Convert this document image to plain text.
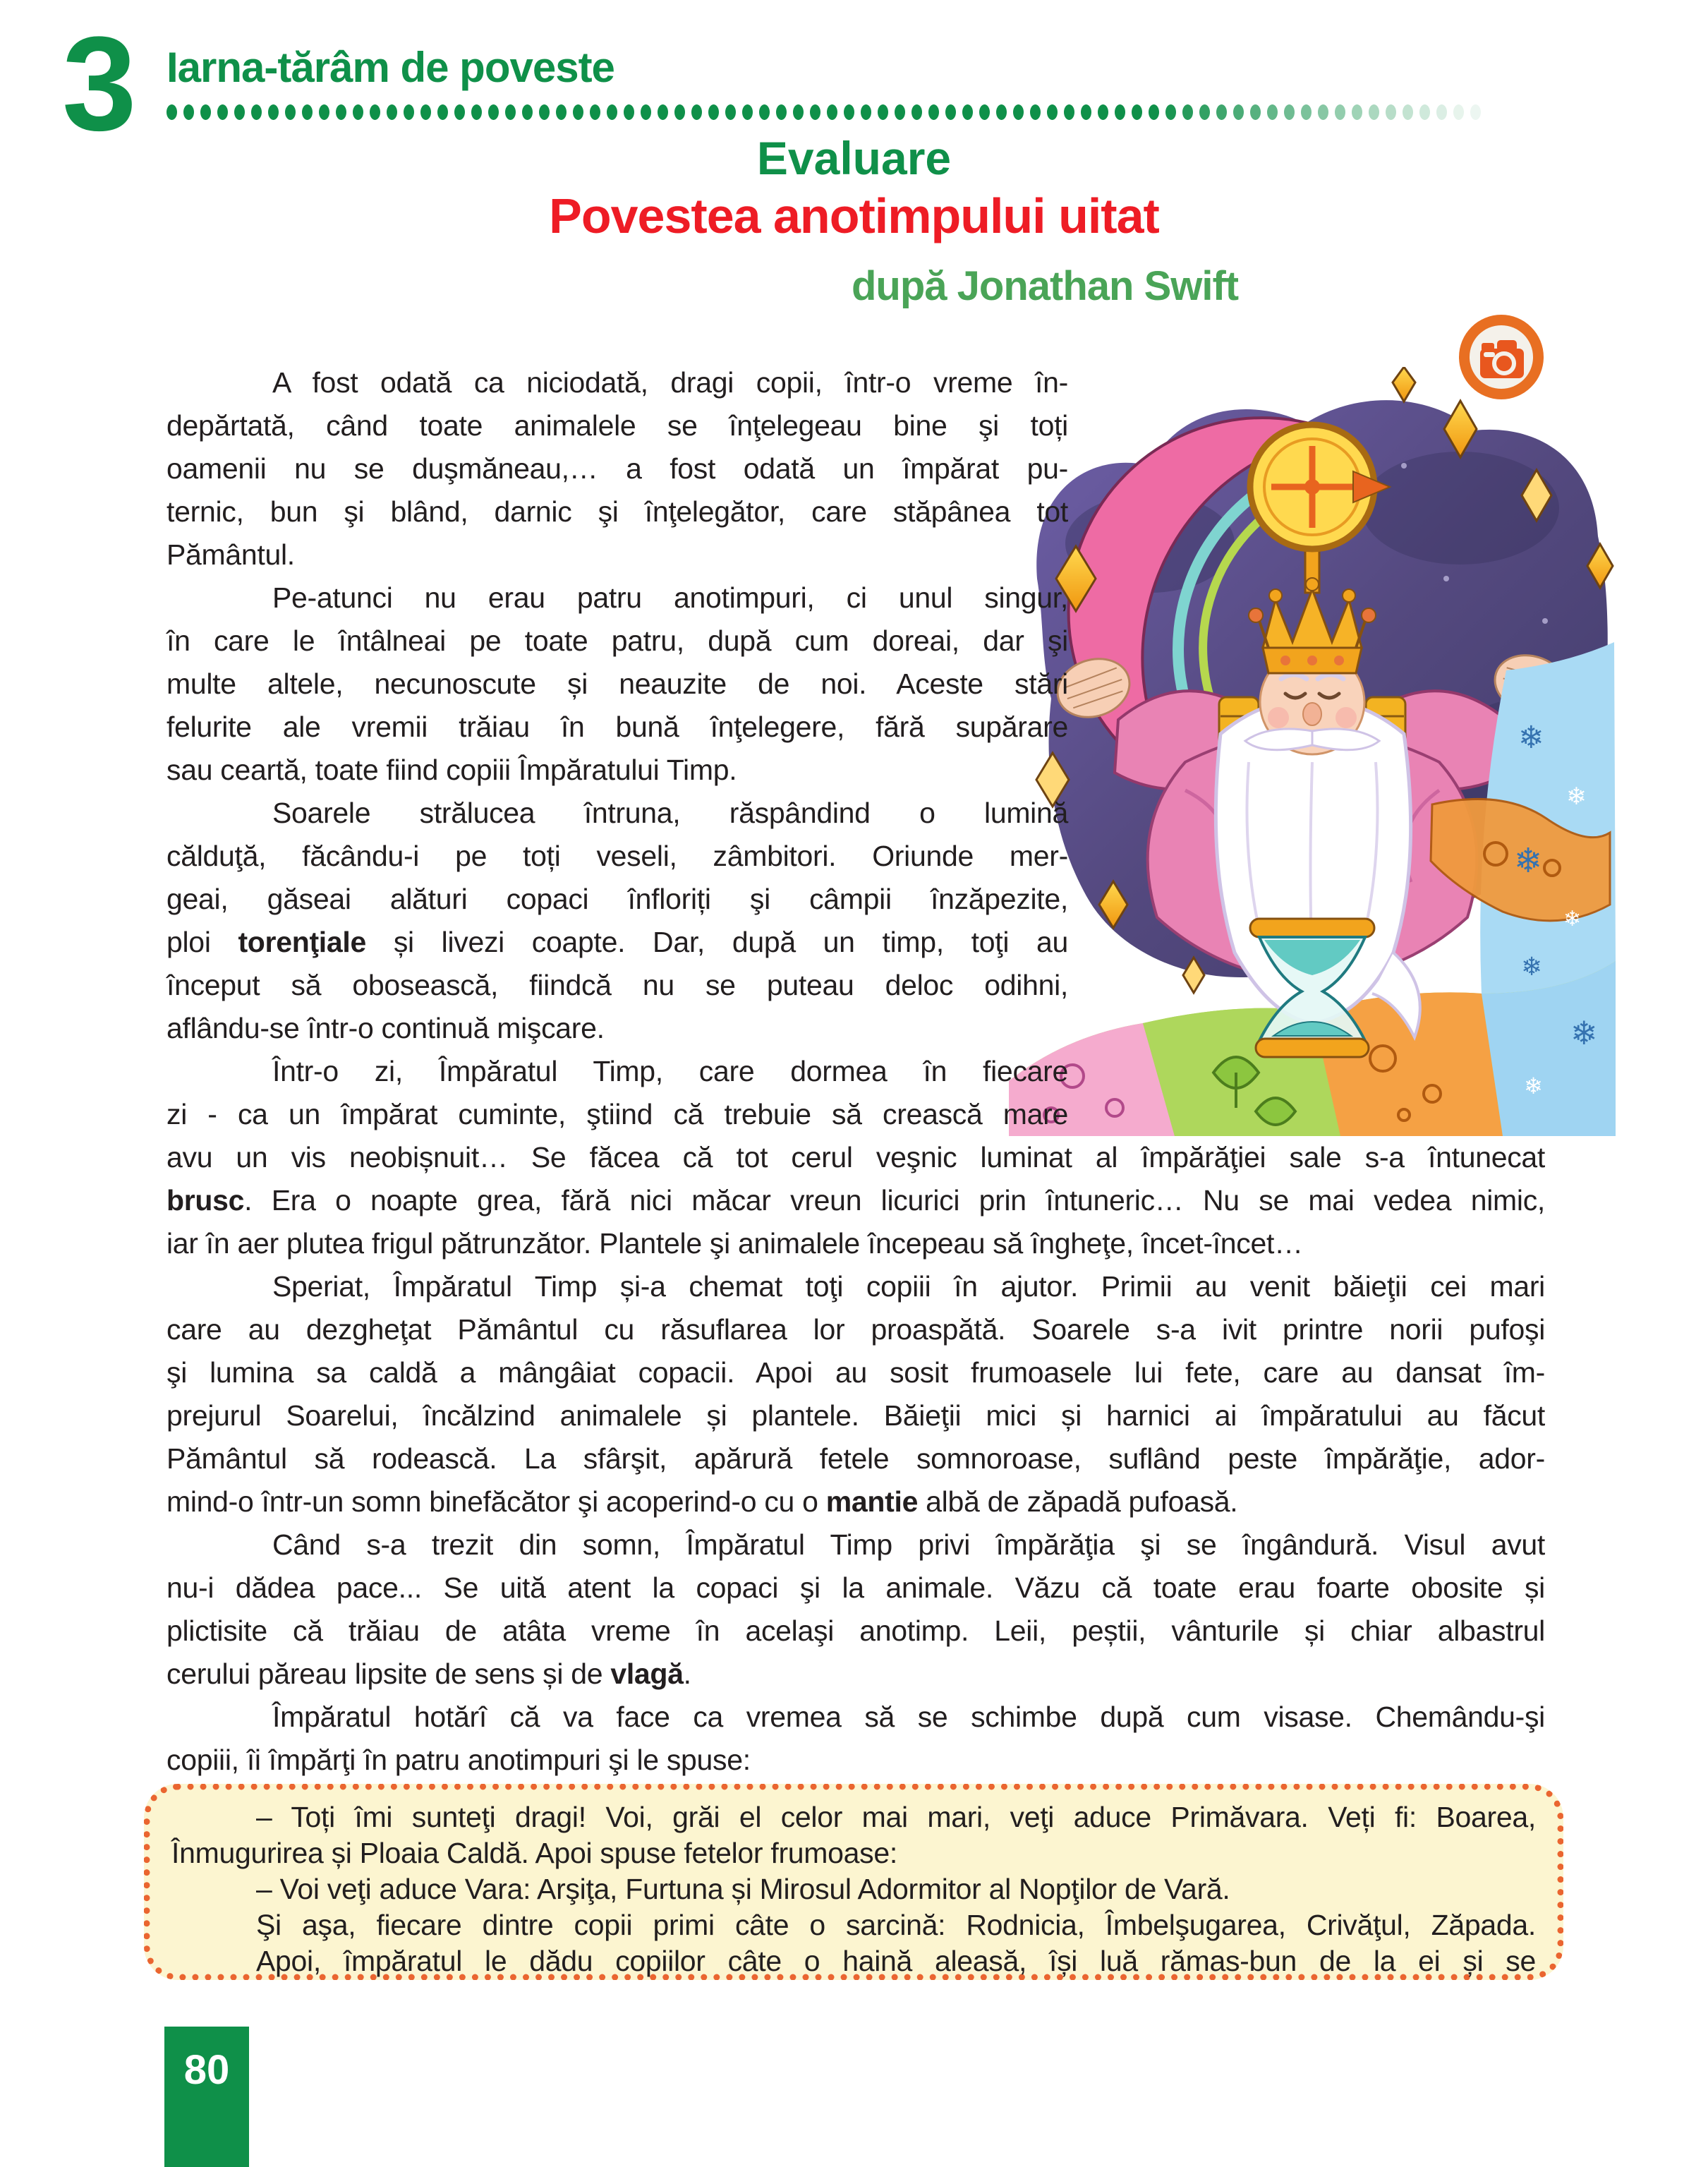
3 Iarna-tărâm de poveste
Evaluare
Povestea anotimpului uitat
după Jonathan Swift
❄
❄
❄
❄
❄
❄
❄
A fost odată ca niciodată, dragi copii, într-o vreme în-
depărtată, când toate animalele se înţelegeau bine şi toți
oamenii nu se duşmăneau,… a fost odată un împărat pu-
ternic, bun şi blând, darnic şi înţelegător, care stăpânea tot
Pământul.
Pe-atunci nu erau patru anotimpuri, ci unul singur,
în care le întâlneai pe toate patru, după cum doreai, dar şi
multe altele, necunoscute și neauzite de noi. Aceste stări
felurite ale vremii trăiau în bună înţelegere, fără supărare
sau ceartă, toate fiind copiii Împăratului Timp.
Soarele strălucea întruna, răspândind o lumină
călduţă, făcându-i pe toți veseli, zâmbitori. Oriunde mer-
geai, găseai alături copaci înfloriți şi câmpii înzăpezite,
ploi torenţiale și livezi coapte. Dar, după un timp, toţi au
început să obosească, fiindcă nu se puteau deloc odihni,
aflându-se într-o continuă mişcare.
Într-o zi, Împăratul Timp, care dormea în fiecare
zi - ca un împărat cuminte, ştiind că trebuie să crească mare
avu un vis neobișnuit… Se făcea că tot cerul veşnic luminat al împărăţiei sale s-a întunecat
brusc. Era o noapte grea, fără nici măcar vreun licurici prin întuneric… Nu se mai vedea nimic,
iar în aer plutea frigul pătrunzător. Plantele şi animalele începeau să îngheţe, încet-încet…
Speriat, Împăratul Timp și-a chemat toţi copiii în ajutor. Primii au venit băieţii cei mari
care au dezgheţat Pământul cu răsuflarea lor proaspătă. Soarele s-a ivit printre norii pufoşi
şi lumina sa caldă a mângâiat copacii. Apoi au sosit frumoasele lui fete, care au dansat îm-
prejurul Soarelui, încălzind animalele și plantele. Băieţii mici și harnici ai împăratului au făcut
Pământul să rodească. La sfârşit, apărură fetele somnoroase, suflând peste împărăţie, ador-
mind-o într-un somn binefăcător şi acoperind-o cu o mantie albă de zăpadă pufoasă.
Când s-a trezit din somn, Împăratul Timp privi împărăţia şi se îngândură. Visul avut
nu-i dădea pace... Se uită atent la copaci şi la animale. Văzu că toate erau foarte obosite și
plictisite că trăiau de atâta vreme în acelaşi anotimp. Leii, peștii, vânturile și chiar albastrul
cerului păreau lipsite de sens și de vlagă.
Împăratul hotărî că va face ca vremea să se schimbe după cum visase. Chemându-şi
copiii, îi împărţi în patru anotimpuri şi le spuse:
– Toți îmi sunteţi dragi! Voi, grăi el celor mai mari, veţi aduce Primăvara. Veți fi: Boarea,
Înmugurirea și Ploaia Caldă. Apoi spuse fetelor frumoase:
– Voi veţi aduce Vara: Arşiţa, Furtuna și Mirosul Adormitor al Nopţilor de Vară.
Şi aşa, fiecare dintre copii primi câte o sarcină: Rodnicia, Îmbelşugarea, Crivăţul, Zăpada.
Apoi, împăratul le dădu copiilor câte o haină aleasă, își luă rămas-bun de la ei și se
80
